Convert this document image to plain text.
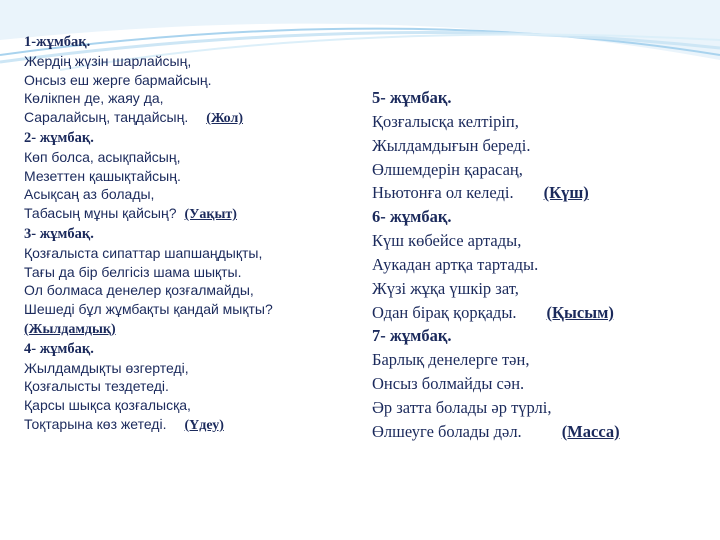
1-жұмбақ.
Жердің жүзін шарлайсың,
Онсыз еш жерге бармайсың.
Көлікпен де, жаяу да,
Саралайсың, таңдайсың. (Жол)
2- жұмбақ.
Көп болса, асықпайсың,
Мезеттен қашықтайсың.
Асықсаң аз болады,
Табасың мұны қайсың? (Уақыт)
3- жұмбақ.
Қозғалыста сипаттар шапшаңдықты,
Тағы да бір белгісіз шама шықты.
Ол болмаса денелер қозғалмайды,
Шешеді бұл жұмбақты қандай мықты?
(Жылдамдық)
4- жұмбақ.
Жылдамдықты өзгертеді,
Қозғалысты тездетеді.
Қарсы шықса қозғалысқа,
Тоқтарына көз жетеді. (Үдеу)
5- жұмбақ.
Қозғалысқа келтіріп,
Жылдамдығын береді.
Өлшемдерін қарасаң,
Ньютонға ол келеді. (Күш)
6- жұмбақ.
Күш көбейсе артады,
Аукадан артқа тартады.
Жүзі жұқа үшкір зат,
Одан бірақ қорқады. (Қысым)
7- жұмбақ.
Барлық денелерге тән,
Онсыз болмайды сән.
Әр затта болады әр түрлі,
Өлшеуге болады дәл. (Масса)
